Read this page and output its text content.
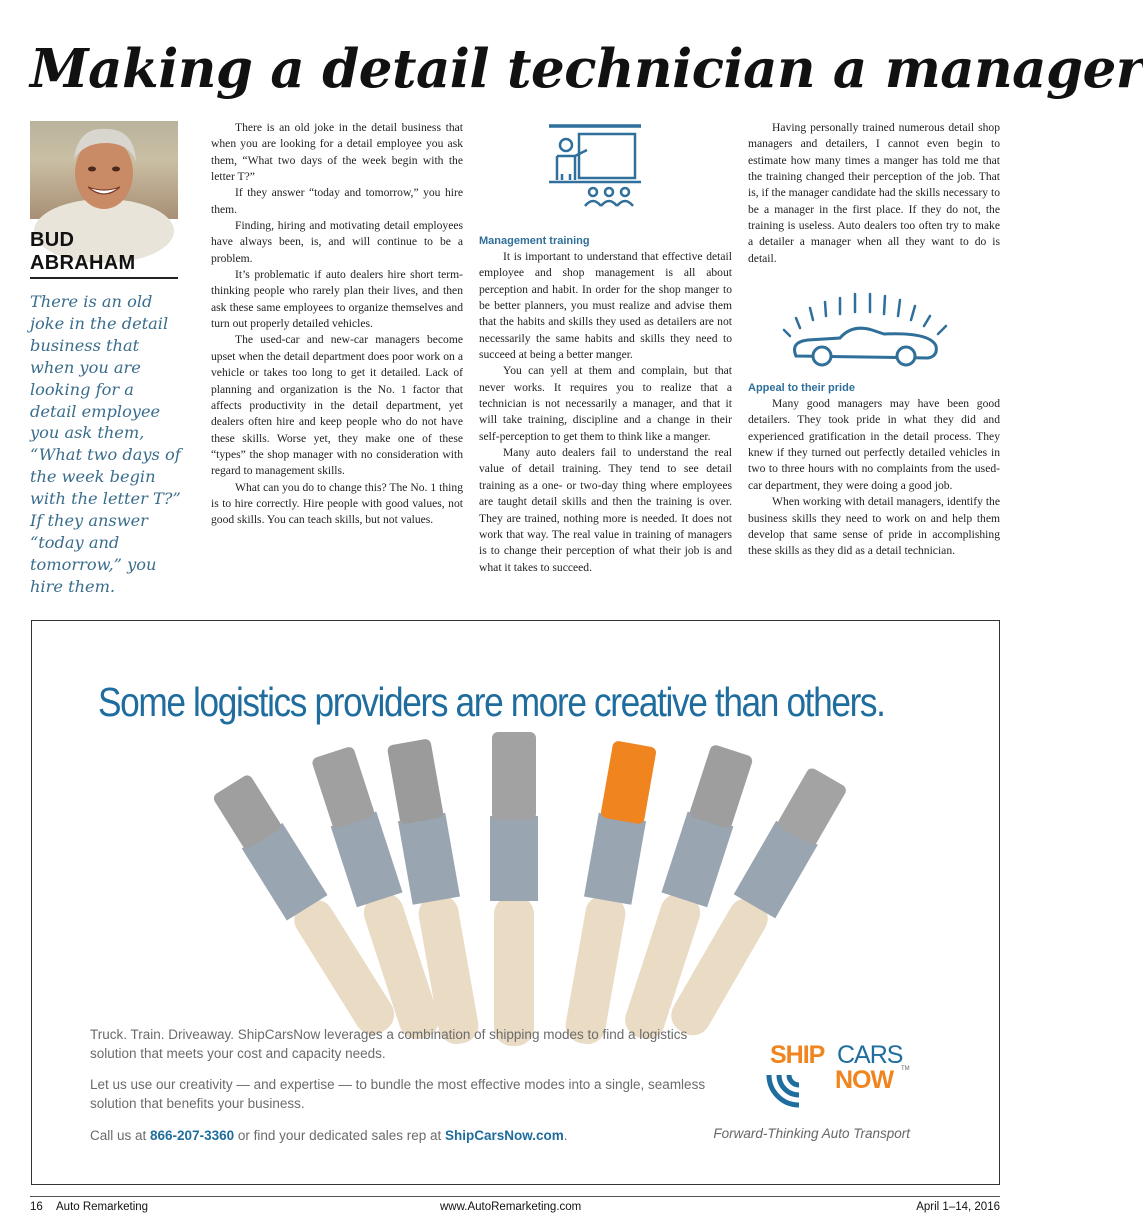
Making a detail technician a manager
BUD
ABRAHAM
There is an old joke in the detail business that when you are looking for a detail employee you ask them, “What two days of the week begin with the letter T?” If they answer “today and tomorrow,” you hire them.

There is an old joke in the detail business that when you are looking for a detail employee you ask them, “What two days of the week begin with the letter T?”

If they answer “today and tomorrow,” you hire them.

Finding, hiring and motivating detail employees have always been, is, and will continue to be a problem.

It’s problematic if auto dealers hire short term-thinking people who rarely plan their lives, and then ask these same employees to organize themselves and turn out properly detailed vehicles.

The used-car and new-car managers become upset when the detail department does poor work on a vehicle or takes too long to get it detailed. Lack of planning and organization is the No. 1 factor that affects productivity in the detail department, yet dealers often hire and keep people who do not have these skills. Worse yet, they make one of these “types” the shop manager with no consideration with regard to management skills.

What can you do to change this? The No. 1 thing is to hire correctly. Hire people with good values, not good skills. You can teach skills, but not values.

Management training

It is important to understand that effective detail employee and shop management is all about perception and habit. In order for the shop manger to be better planners, you must realize and advise them that the habits and skills they used as detailers are not necessarily the same habits and skills they need to succeed at being a better manger.

You can yell at them and complain, but that never works. It requires you to realize that a technician is not necessarily a manager, and that it will take training, discipline and a change in their self-perception to get them to think like a manger.

Many auto dealers fail to understand the real value of detail training. They tend to see detail training as a one- or two-day thing where employees are taught detail skills and then the training is over. They are trained, nothing more is needed. It does not work that way. The real value in training of managers is to change their perception of what their job is and what it takes to succeed.

Having personally trained numerous detail shop managers and detailers, I cannot even begin to estimate how many times a manger has told me that the training changed their perception of the job. That is, if the manager candidate had the skills necessary to be a manager in the first place. If they do not, the training is useless. Auto dealers too often try to make a detailer a manager when all they want to do is detail.

Appeal to their pride

Many good managers may have been good detailers. They took pride in what they did and experienced gratification in the detail process. They knew if they turned out perfectly detailed vehicles in two to three hours with no complaints from the used-car department, they were doing a good job.

When working with detail managers, identify the business skills they need to work on and help them develop that same sense of pride in accomplishing these skills as they did as a detail technician.

Some logistics providers are more creative than others.
Truck. Train. Driveaway. ShipCarsNow leverages a combination of shipping modes to find a logistics solution that meets your cost and capacity needs.
Let us use our creativity — and expertise — to bundle the most effective modes into a single, seamless solution that benefits your business.
Call us at 866-207-3360 or find your dedicated sales rep at ShipCarsNow.com.
SHIP CARS
NOW TM
Forward-Thinking Auto Transport
16 Auto Remarketing	www.AutoRemarketing.com	April 1–14, 2016
